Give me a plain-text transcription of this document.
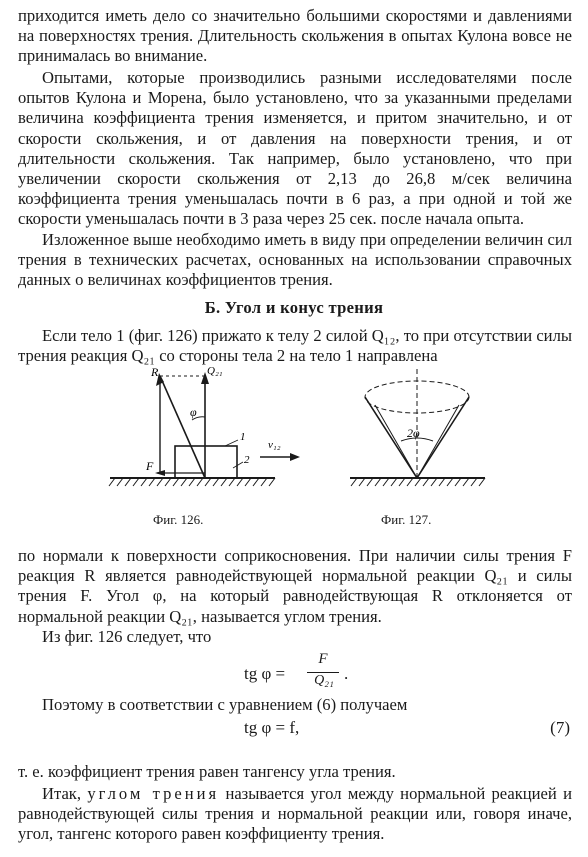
приходится иметь дело со значительно большими скоростями и давлениями на поверхностях трения. Длительность скольжения в опытах Кулона вовсе не принималась во внимание.

Опытами, которые производились разными исследователями после опытов Кулона и Морена, было установлено, что за указанными пределами величина коэффициента трения изменяется, и притом значительно, и от скорости скольжения, и от давления на поверхности трения, и от длительности скольжения. Так например, было установлено, что при увеличении скорости скольжения от 2,13 до 26,8 м/сек величина коэффициента трения уменьшалась почти в 6 раз, а при одной и той же скорости уменьшалась почти в 3 раза через 25 сек. после начала опыта.

Изложенное выше необходимо иметь в виду при определении величин сил трения в технических расчетах, основанных на использовании справочных данных о величинах коэффициентов трения.

Б. Угол и конус трения

Если тело 1 (фиг. 126) прижато к телу 2 силой Q₁₂, то при отсутствии силы трения реакция Q₂₁ со стороны тела 2 на тело 1 направлена

R	Q₂₁
φ
1
2
F
v₁₂
Фиг. 126.
2φ
Фиг. 127.

по нормали к поверхности соприкосновения. При наличии силы трения F реакция R является равнодействующей нормальной реакции Q₂₁ и силы трения F. Угол φ, на который равнодействующая R отклоняется от нормальной реакции Q₂₁, называется углом трения.

Из фиг. 126 следует, что

tg φ =
F
Q₂₁ .

Поэтому в соответствии с уравнением (6) получаем

tg φ = f,	(7)

т. е. коэффициент трения равен тангенсу угла трения.

Итак, углом трения называется угол между нормальной реакцией и равнодействующей силы трения и нормальной реакции или, говоря иначе, угол, тангенс которого равен коэффициенту трения.
